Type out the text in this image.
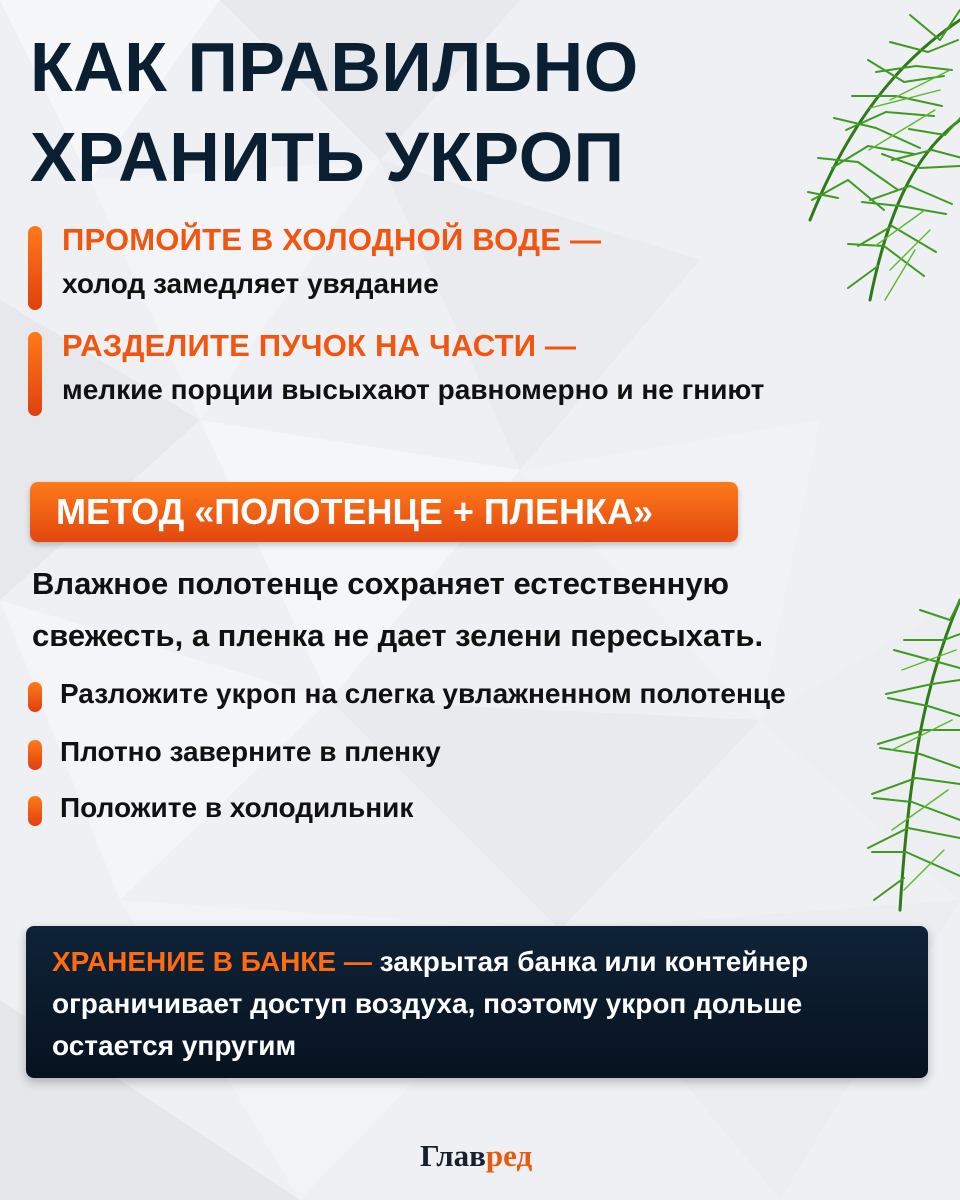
КАК ПРАВИЛЬНО
ХРАНИТЬ УКРОП
ПРОМОЙТЕ В ХОЛОДНОЙ ВОДЕ —
холод замедляет увядание
РАЗДЕЛИТЕ ПУЧОК НА ЧАСТИ —
мелкие порции высыхают равномерно и не гниют
МЕТОД «ПОЛОТЕНЦЕ + ПЛЕНКА»

Влажное полотенце сохраняет естественную свежесть, а пленка не дает зелени пересыхать.

Разложите укроп на слегка увлажненном полотенце
Плотно заверните в пленку
Положите в холодильник
ХРАНЕНИЕ В БАНКЕ — закрытая банка или контейнер ограничивает доступ воздуха, поэтому укроп дольше остается упругим
Главред
